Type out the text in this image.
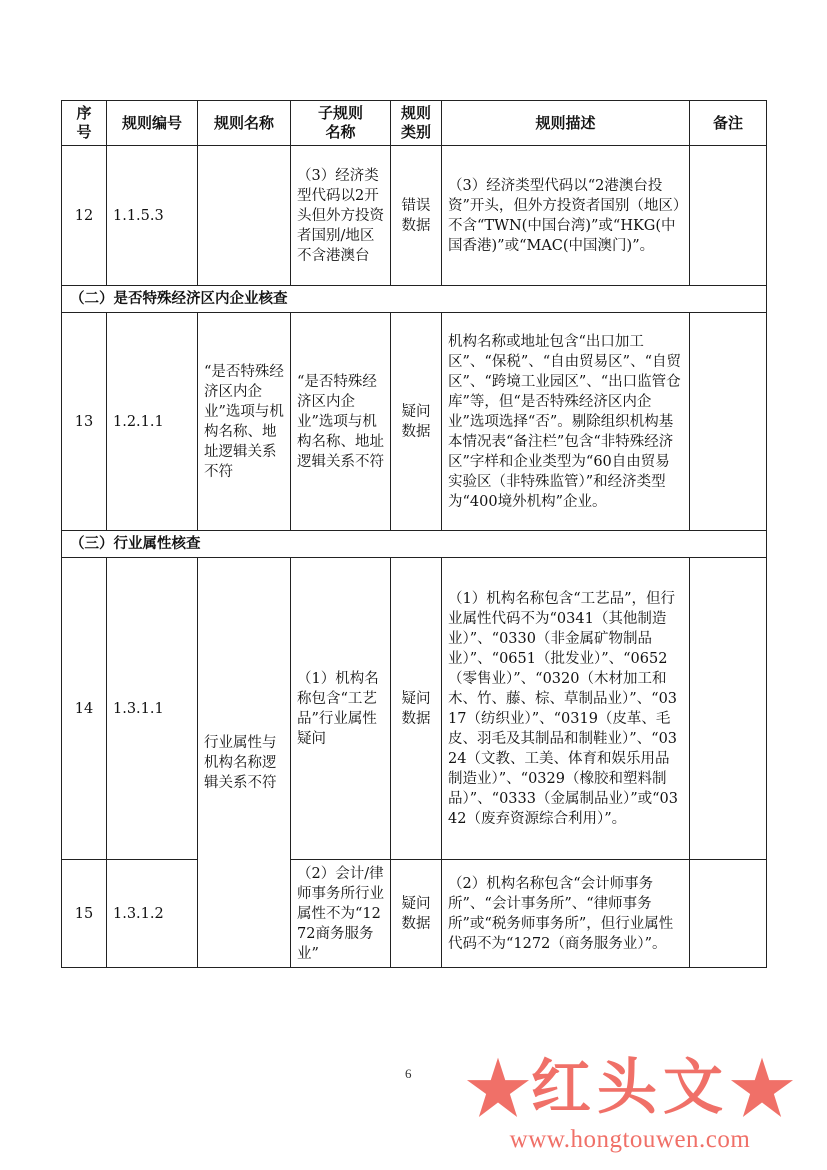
序号	规则编号	规则名称	子规则名称	规则类别	规则描述	备注
12	1.1.5.3		（3）经济类型代码以2开头但外方投资者国别/地区不含港澳台	错误数据	（3）经济类型代码以“2港澳台投资”开头，但外方投资者国别（地区）不含“TWN(中国台湾)”或“HKG(中国香港)”或“MAC(中国澳门)”。	
（二）是否特殊经济区内企业核查						
13	1.2.1.1	“是否特殊经济区内企业”选项与机构名称、地址逻辑关系不符	“是否特殊经济区内企业”选项与机构名称、地址逻辑关系不符	疑问数据	机构名称或地址包含“出口加工区”、“保税”、“自由贸易区”、“自贸区”、“跨境工业园区”、“出口监管仓库”等，但“是否特殊经济区内企业”选项选择“否”。剔除组织机构基本情况表“备注栏”包含“非特殊经济区”字样和企业类型为“60自由贸易实验区（非特殊监管）”和经济类型为“400境外机构”企业。	
（三）行业属性核查						
14	1.3.1.1	行业属性与机构名称逻辑关系不符	（1）机构名称包含“工艺品”行业属性疑问	疑问数据	（1）机构名称包含“工艺品”，但行业属性代码不为“0341（其他制造业）”、“0330（非金属矿物制品业）”、“0651（批发业）”、“0652（零售业）”、“0320（木材加工和木、竹、藤、棕、草制品业）”、“0317（纺织业）”、“0319（皮革、毛皮、羽毛及其制品和制鞋业）”、“0324（文教、工美、体育和娱乐用品制造业）”、“0329（橡胶和塑料制品）”、“0333（金属制品业）”或“0342（废弃资源综合利用）”。	
15	1.3.1.2		（2）会计/律师事务所行业属性不为“1272商务服务业”	疑问数据	（2）机构名称包含“会计师事务所”、“会计事务所”、“律师事务所”或“税务师事务所”，但行业属性代码不为“1272（商务服务业）”。	
6 红头文
www.hongtouwen.com
